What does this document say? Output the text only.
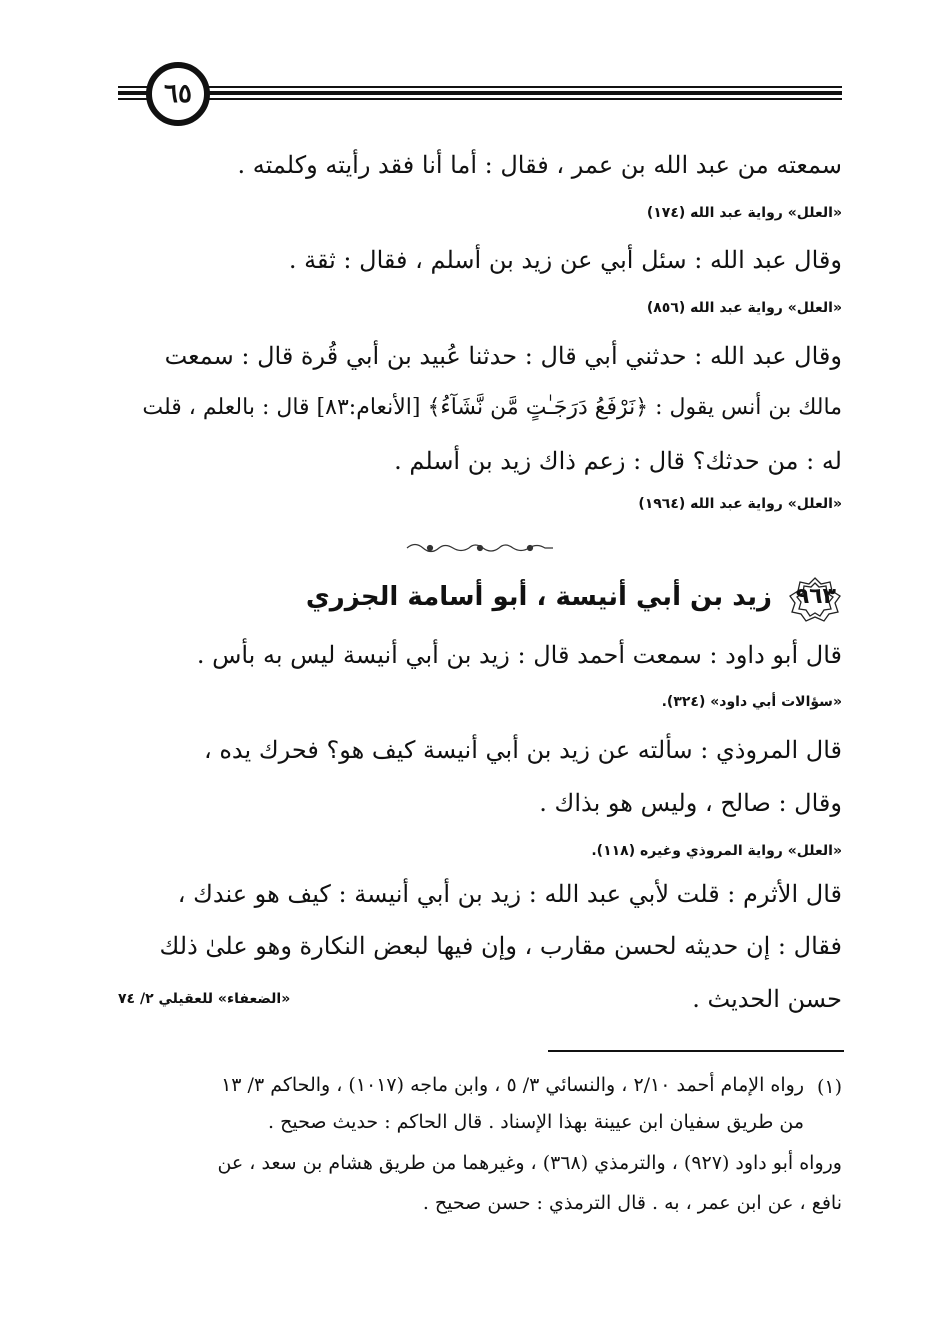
٦٥
سمعته من عبد الله بن عمر ، فقال : أما أنا فقد رأيته وكلمته .
«العلل» رواية عبد الله (١٧٤)
وقال عبد الله : سئل أبي عن زيد بن أسلم ، فقال : ثقة .
«العلل» رواية عبد الله (٨٥٦)
وقال عبد الله : حدثني أبي قال : حدثنا عُبيد بن أبي قُرة قال : سمعت
مالك بن أنس يقول : ﴿نَرْفَعُ دَرَجَـٰتٍ مَّن نَّشَآءُ﴾ [الأنعام:٨٣] قال : بالعلم ، قلت
له : من حدثك؟ قال : زعم ذاك زيد بن أسلم .
«العلل» رواية عبد الله (١٩٦٤)
٩٦٣
زيد بن أبي أنيسة ، أبو أسامة الجزري
قال أبو داود : سمعت أحمد قال : زيد بن أبي أنيسة ليس به بأس .
«سؤالات أبي داود» (٣٢٤).
قال المروذي : سألته عن زيد بن أبي أنيسة كيف هو؟ فحرك يده ،
وقال : صالح ، وليس هو بذاك .
«العلل» رواية المروذي وغيره (١١٨).
قال الأثرم : قلت لأبي عبد الله : زيد بن أبي أنيسة : كيف هو عندك ،
فقال : إن حديثه لحسن مقارب ، وإن فيها لبعض النكارة وهو علىٰ ذلك
حسن الحديث .
«الضعفاء» للعقيلي ٢/ ٧٤
(١)
رواه الإمام أحمد ٢/١٠ ، والنسائي ٣/ ٥ ، وابن ماجه (١٠١٧) ، والحاكم ٣/ ١٣
من طريق سفيان ابن عيينة بهذا الإسناد . قال الحاكم : حديث صحيح .
ورواه أبو داود (٩٢٧) ، والترمذي (٣٦٨) ، وغيرهما من طريق هشام بن سعد ، عن
نافع ، عن ابن عمر ، به . قال الترمذي : حسن صحيح .
